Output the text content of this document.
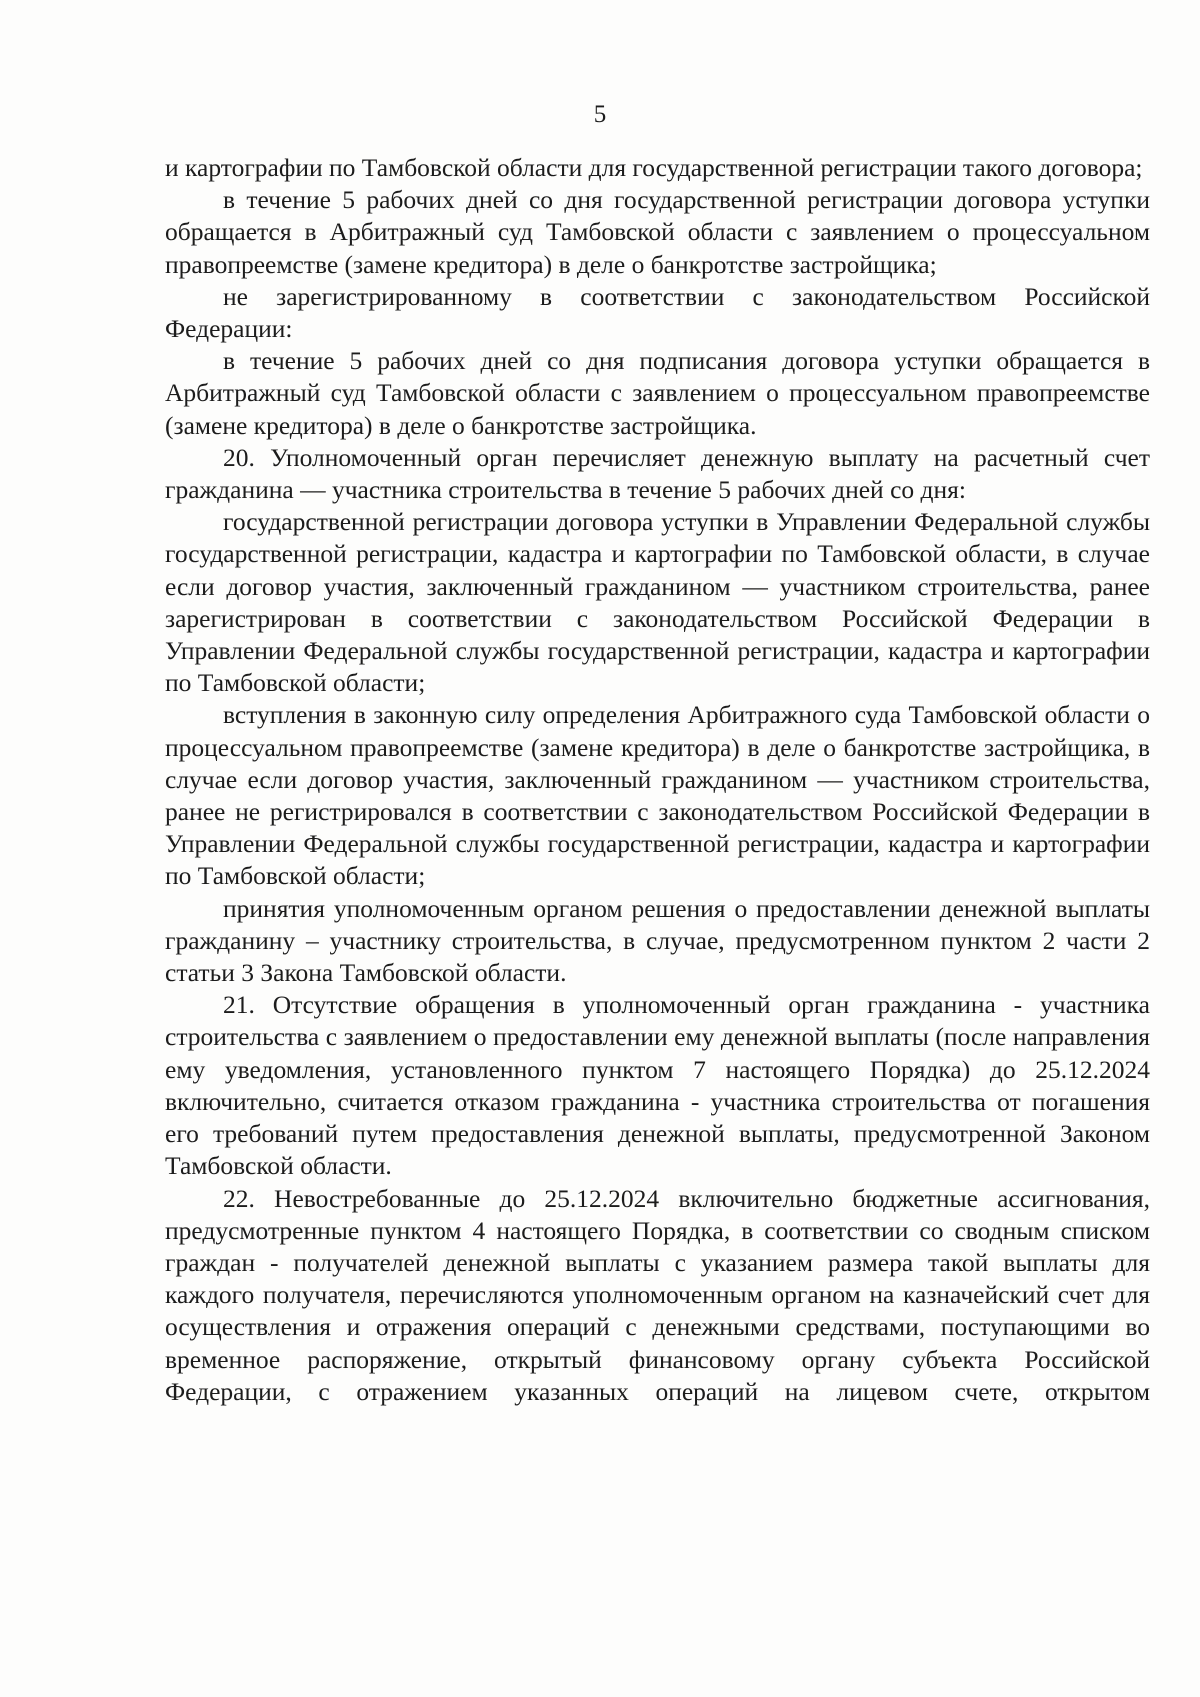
5

и картографии по Тамбовской области для государственной регистрации такого договора;

в течение 5 рабочих дней со дня государственной регистрации договора уступки обращается в Арбитражный суд Тамбовской области с заявлением о процессуальном правопреемстве (замене кредитора) в деле о банкротстве застройщика;

не зарегистрированному в соответствии с законодательством Российской Федерации:

в течение 5 рабочих дней со дня подписания договора уступки обращается в Арбитражный суд Тамбовской области с заявлением о процессуальном правопреемстве (замене кредитора) в деле о банкротстве застройщика.

20. Уполномоченный орган перечисляет денежную выплату на расчетный счет гражданина — участника строительства в течение 5 рабочих дней со дня:

государственной регистрации договора уступки в Управлении Федеральной службы государственной регистрации, кадастра и картографии по Тамбовской области, в случае если договор участия, заключенный гражданином — участником строительства, ранее зарегистрирован в соответствии с законодательством Российской Федерации в Управлении Федеральной службы государственной регистрации, кадастра и картографии по Тамбовской области;

вступления в законную силу определения Арбитражного суда Тамбовской области о процессуальном правопреемстве (замене кредитора) в деле о банкротстве застройщика, в случае если договор участия, заключенный гражданином — участником строительства, ранее не регистрировался в соответствии с законодательством Российской Федерации в Управлении Федеральной службы государственной регистрации, кадастра и картографии по Тамбовской области;

принятия уполномоченным органом решения о предоставлении денежной выплаты гражданину – участнику строительства, в случае, предусмотренном пунктом 2 части 2 статьи 3 Закона Тамбовской области.

21. Отсутствие обращения в уполномоченный орган гражданина - участника строительства с заявлением о предоставлении ему денежной выплаты (после направления ему уведомления, установленного пунктом 7 настоящего Порядка) до 25.12.2024 включительно, считается отказом гражданина - участника строительства от погашения его требований путем предоставления денежной выплаты, предусмотренной Законом Тамбовской области.

22. Невостребованные до 25.12.2024 включительно бюджетные ассигнования, предусмотренные пунктом 4 настоящего Порядка, в соответствии со сводным списком граждан - получателей денежной выплаты с указанием размера такой выплаты для каждого получателя, перечисляются уполномоченным органом на казначейский счет для осуществления и отражения операций с денежными средствами, поступающими во временное распоряжение, открытый финансовому органу субъекта Российской Федерации, с отражением указанных операций на лицевом счете, открытом
